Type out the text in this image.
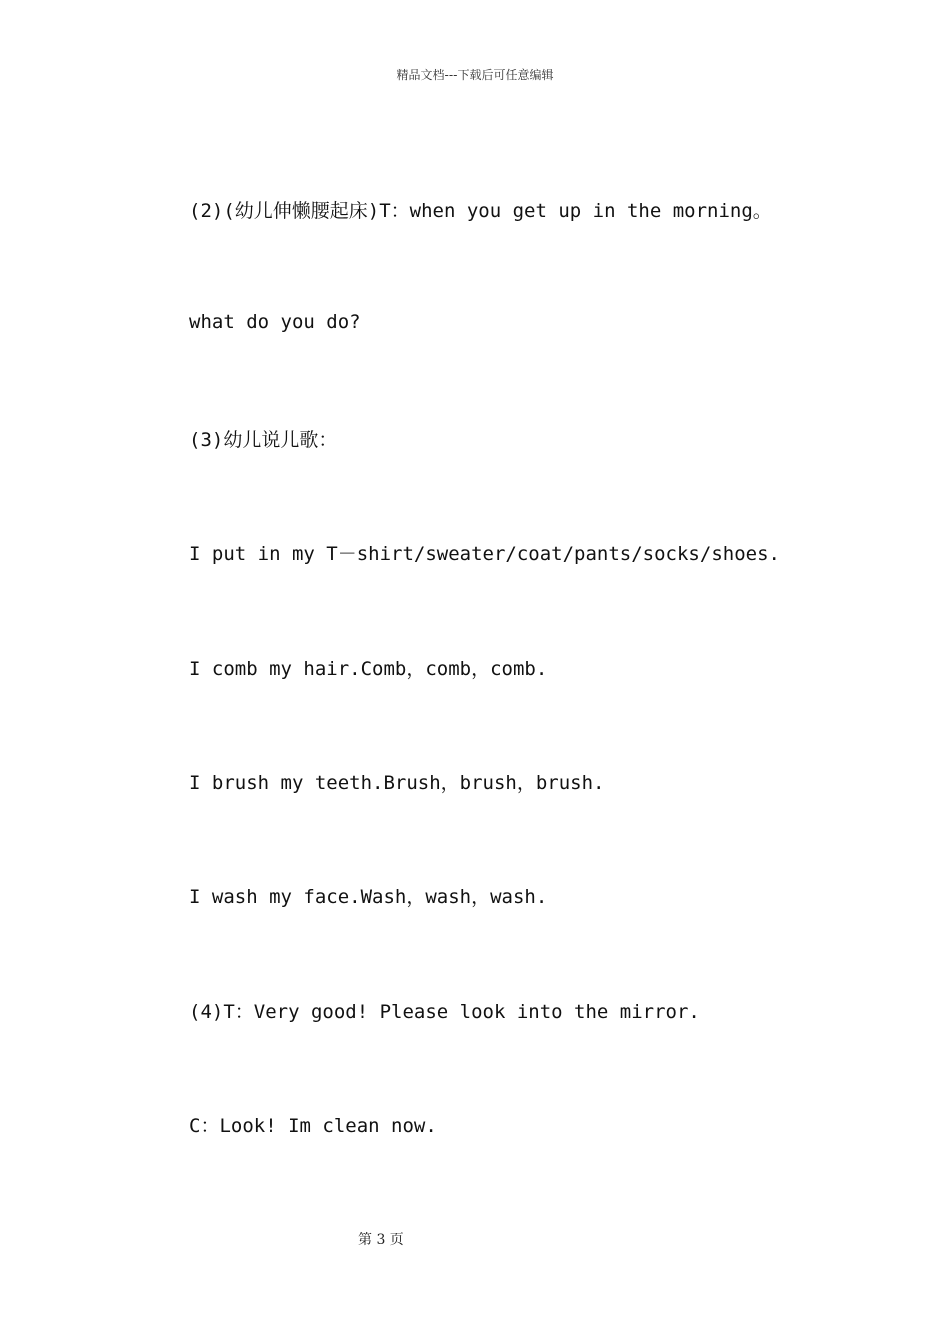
精品文档---下载后可任意编辑
(2)(幼儿伸懒腰起床)T：when you get up in the morning。
what do you do?
(3)幼儿说儿歌：
I put in my T－shirt/sweater/coat/pants/socks/shoes.
I comb my hair.Comb，comb，comb.
I brush my teeth.Brush，brush，brush.
I wash my face.Wash，wash，wash.
(4)T：Very good! Please look into the mirror.
C：Look! Im clean now.
第 3 页
